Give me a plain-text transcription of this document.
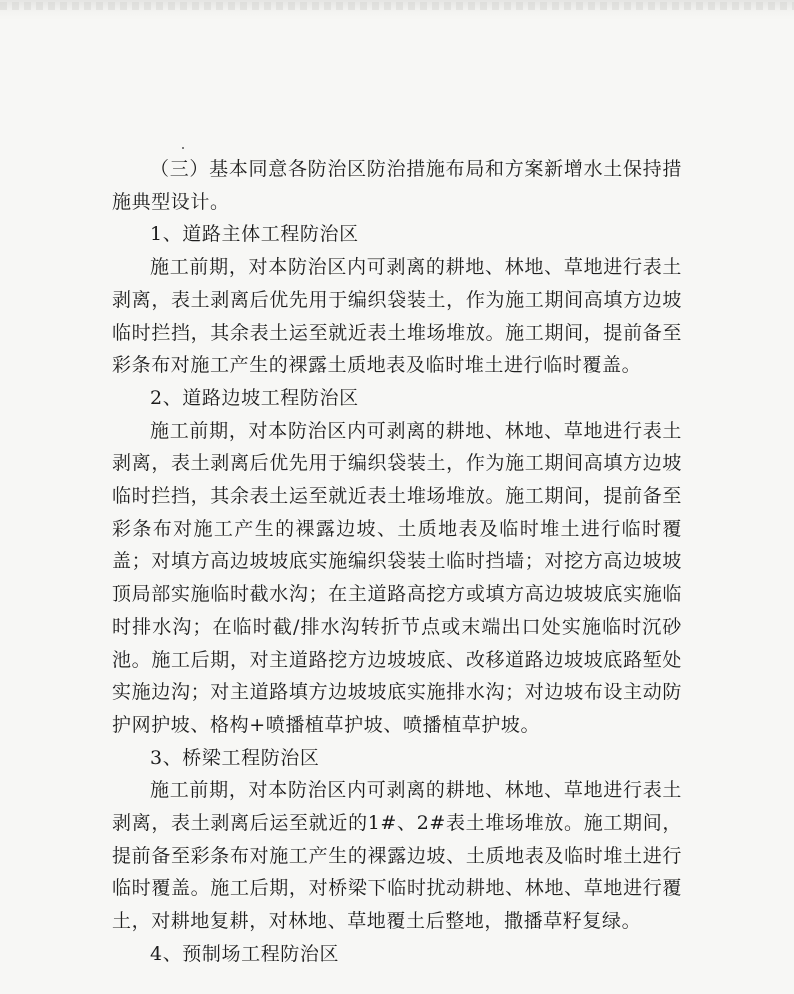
（三）基本同意各防治区防治措施布局和方案新增水土保持措施典型设计。

1、道路主体工程防治区

施工前期，对本防治区内可剥离的耕地、林地、草地进行表土剥离，表土剥离后优先用于编织袋装土，作为施工期间高填方边坡临时拦挡，其余表土运至就近表土堆场堆放。施工期间，提前备至彩条布对施工产生的裸露土质地表及临时堆土进行临时覆盖。

2、道路边坡工程防治区

施工前期，对本防治区内可剥离的耕地、林地、草地进行表土剥离，表土剥离后优先用于编织袋装土，作为施工期间高填方边坡临时拦挡，其余表土运至就近表土堆场堆放。施工期间，提前备至彩条布对施工产生的裸露边坡、土质地表及临时堆土进行临时覆盖；对填方高边坡坡底实施编织袋装土临时挡墙；对挖方高边坡坡顶局部实施临时截水沟；在主道路高挖方或填方高边坡坡底实施临时排水沟；在临时截/排水沟转折节点或末端出口处实施临时沉砂池。施工后期，对主道路挖方边坡坡底、改移道路边坡坡底路堑处实施边沟；对主道路填方边坡坡底实施排水沟；对边坡布设主动防护网护坡、格构+喷播植草护坡、喷播植草护坡。

3、桥梁工程防治区

施工前期，对本防治区内可剥离的耕地、林地、草地进行表土剥离，表土剥离后运至就近的1#、2#表土堆场堆放。施工期间，提前备至彩条布对施工产生的裸露边坡、土质地表及临时堆土进行临时覆盖。施工后期，对桥梁下临时扰动耕地、林地、草地进行覆土，对耕地复耕，对林地、草地覆土后整地，撒播草籽复绿。

4、预制场工程防治区
